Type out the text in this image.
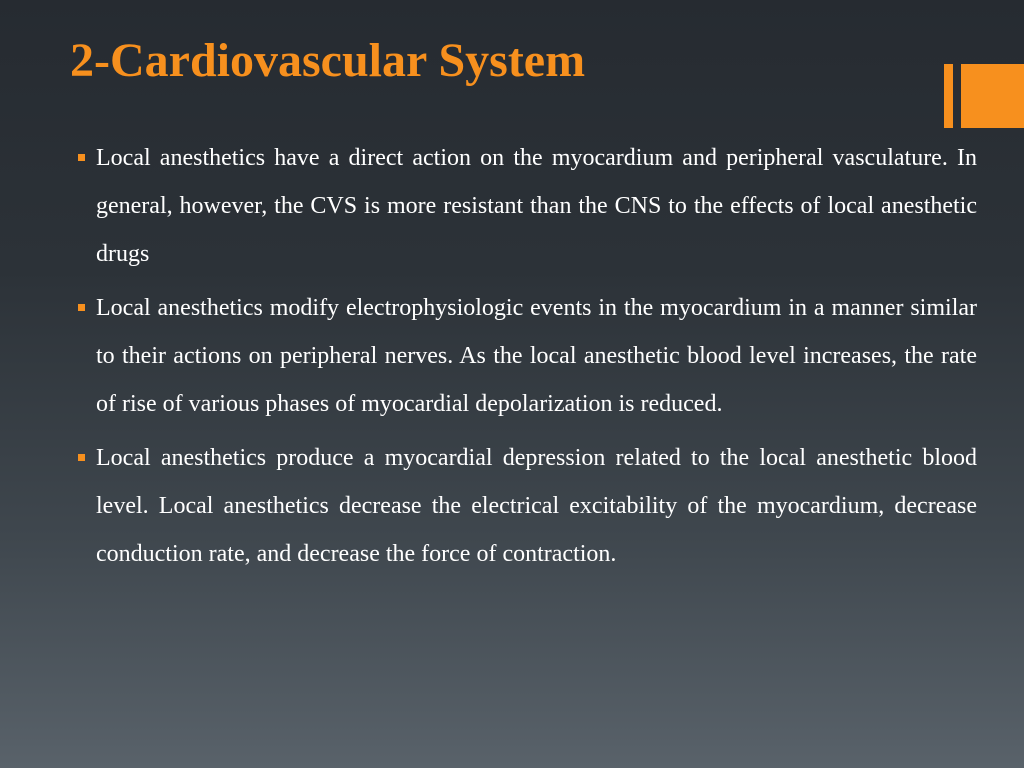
2-Cardiovascular System
Local anesthetics have a direct action on the myocardium and peripheral vasculature. In general, however, the CVS is more resistant than the CNS to the effects of local anesthetic drugs
Local anesthetics modify electrophysiologic events in the myocardium in a manner similar to their actions on peripheral nerves. As the local anesthetic blood level increases, the rate of rise of various phases of myocardial depolarization is reduced.
Local anesthetics produce a myocardial depression related to the local anesthetic blood level. Local anesthetics decrease the electrical excitability of the myocardium, decrease conduction rate, and decrease the force of contraction.
